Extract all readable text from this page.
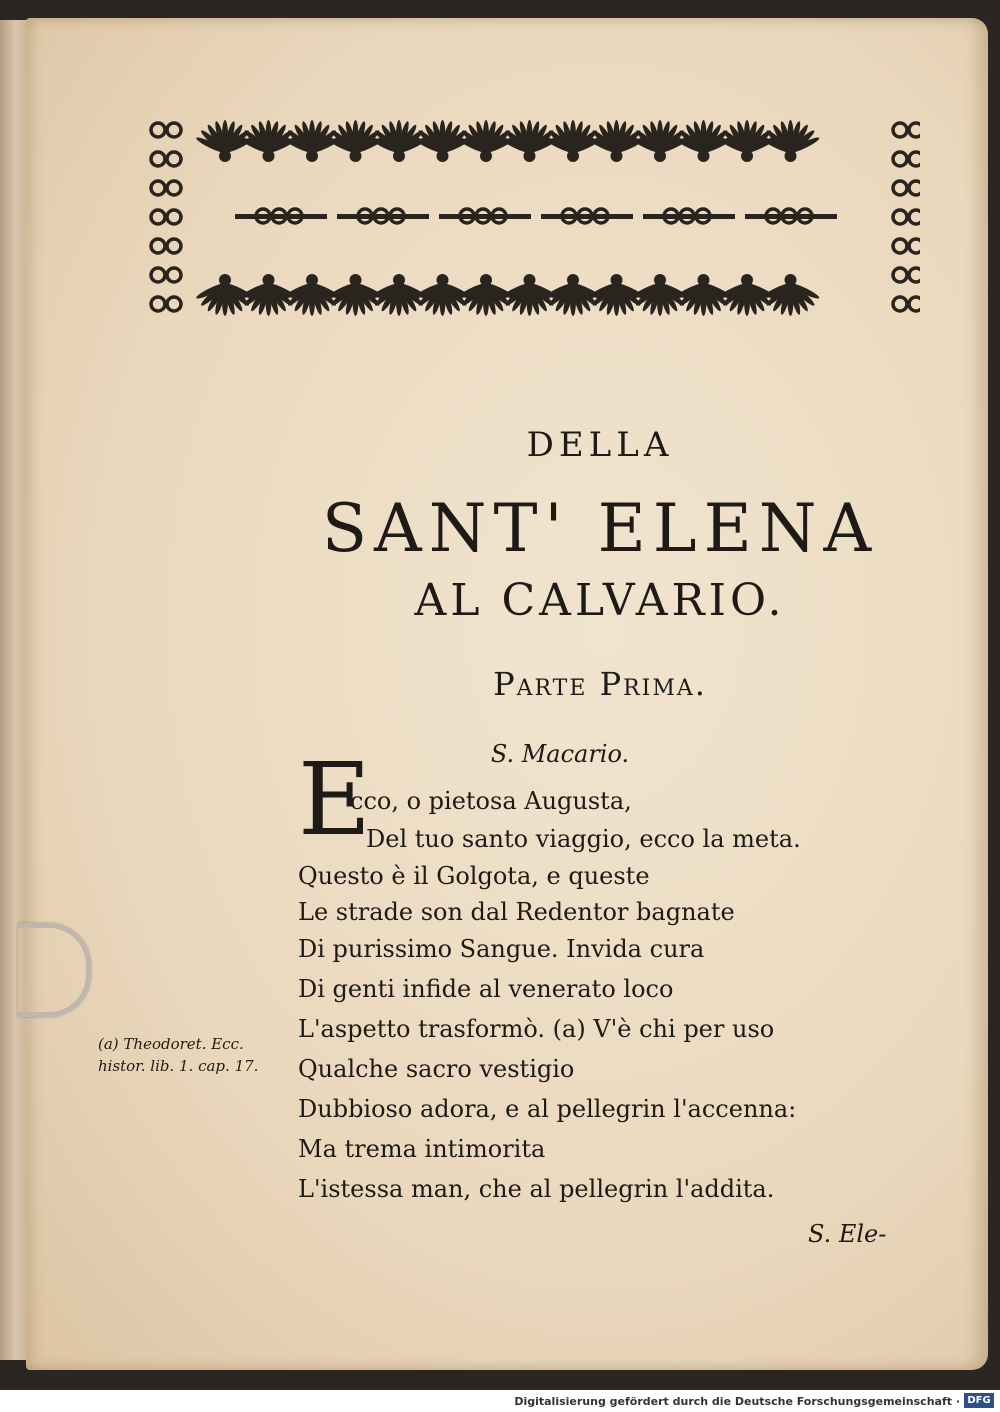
DELLA
SANT' ELENA
AL CALVARIO.
Parte Prima.
S. Macario.
E
cco, o pietosa Augusta,
Del tuo santo viaggio, ecco la meta.
Questo è il Golgota, e queste
Le strade son dal Redentor bagnate
Di purissimo Sangue. Invida cura
Di genti infide al venerato loco
L'aspetto trasformò. (a) V'è chi per uso
Qualche sacro vestigio
Dubbioso adora, e al pellegrin l'accenna:
Ma trema intimorita
L'istessa man, che al pellegrin l'addita.
(a) Theodoret. Ecc.
histor. lib. 1. cap. 17.
S. Ele-
Digitalisierung gefördert durch die Deutsche Forschungsgemeinschaft · DFG
